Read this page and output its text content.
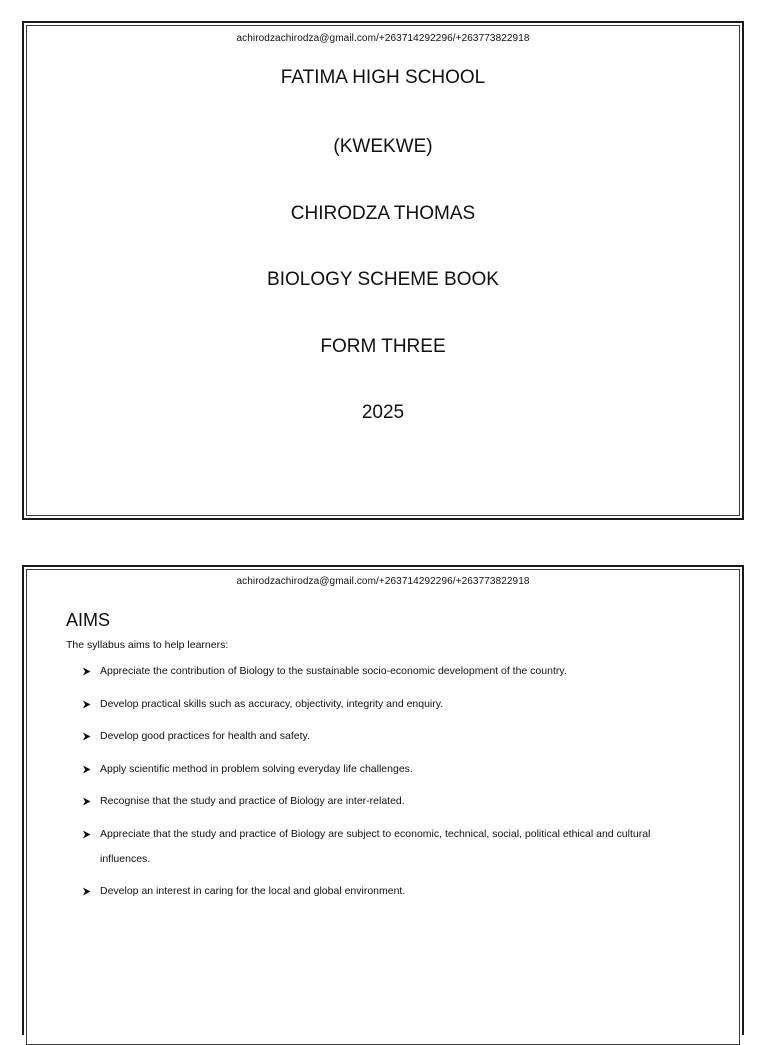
achirodzachirodza@gmail.com/+263714292296/+263773822918

FATIMA HIGH SCHOOL

(KWEKWE)

CHIRODZA THOMAS

BIOLOGY SCHEME BOOK

FORM THREE

2025

achirodzachirodza@gmail.com/+263714292296/+263773822918
AIMS
The syllabus aims to help learners:
Appreciate the contribution of Biology to the sustainable socio-economic development of the country.
Develop practical skills such as accuracy, objectivity, integrity and enquiry.
Develop good practices for health and safety.
Apply scientific method in problem solving everyday life challenges.
Recognise that the study and practice of Biology are inter-related.
Appreciate that the study and practice of Biology are subject to economic, technical, social, political ethical and cultural influences.
Develop an interest in caring for the local and global environment.
